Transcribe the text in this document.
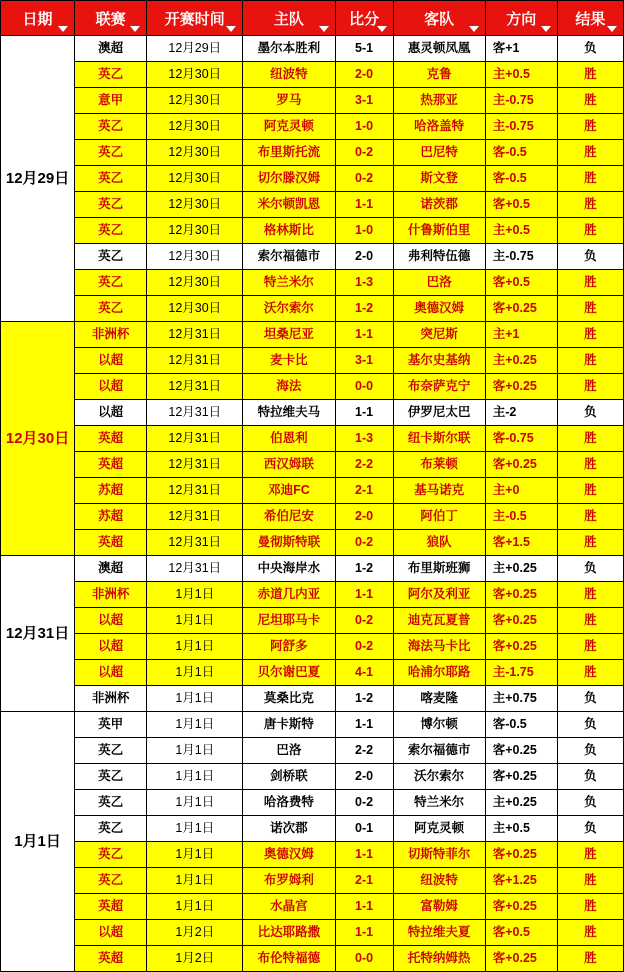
日期	联赛	开赛时间	主队	比分	客队	方向	结果

12月29日	澳超	12月29日	墨尔本胜利	5-1	惠灵顿凤凰	客+1	负
	英乙	12月30日	纽波特	2-0	克鲁	主+0.5	胜
	意甲	12月30日	罗马	3-1	热那亚	主-0.75	胜
	英乙	12月30日	阿克灵顿	1-0	哈洛盖特	主-0.75	胜
	英乙	12月30日	布里斯托流	0-2	巴尼特	客-0.5	胜
	英乙	12月30日	切尔滕汉姆	0-2	斯文登	客-0.5	胜
	英乙	12月30日	米尔顿凯恩	1-1	诺茨郡	客+0.5	胜
	英乙	12月30日	格林斯比	1-0	什鲁斯伯里	主+0.5	胜
	英乙	12月30日	索尔福德市	2-0	弗利特伍德	主-0.75	负
	英乙	12月30日	特兰米尔	1-3	巴洛	客+0.5	胜
	英乙	12月30日	沃尔索尔	1-2	奥德汉姆	客+0.25	胜
12月30日	非洲杯	12月31日	坦桑尼亚	1-1	突尼斯	主+1	胜
	以超	12月31日	麦卡比	3-1	基尔史基纳	主+0.25	胜
	以超	12月31日	海法	0-0	布奈萨克宁	客+0.25	胜
	以超	12月31日	特拉维夫马	1-1	伊罗尼太巴	主-2	负
	英超	12月31日	伯恩利	1-3	纽卡斯尔联	客-0.75	胜
	英超	12月31日	西汉姆联	2-2	布莱顿	客+0.25	胜
	苏超	12月31日	邓迪FC	2-1	基马诺克	主+0	胜
	苏超	12月31日	希伯尼安	2-0	阿伯丁	主-0.5	胜
	英超	12月31日	曼彻斯特联	0-2	狼队	客+1.5	胜
12月31日	澳超	12月31日	中央海岸水	1-2	布里斯班狮	主+0.25	负
	非洲杯	1月1日	赤道几内亚	1-1	阿尔及利亚	客+0.25	胜
	以超	1月1日	尼坦耶马卡	0-2	迪克瓦夏普	客+0.25	胜
	以超	1月1日	阿舒多	0-2	海法马卡比	客+0.25	胜
	以超	1月1日	贝尔谢巴夏	4-1	哈浦尔耶路	主-1.75	胜
	非洲杯	1月1日	莫桑比克	1-2	喀麦隆	主+0.75	负
1月1日	英甲	1月1日	唐卡斯特	1-1	博尔顿	客-0.5	负
	英乙	1月1日	巴洛	2-2	索尔福德市	客+0.25	负
	英乙	1月1日	剑桥联	2-0	沃尔索尔	客+0.25	负
	英乙	1月1日	哈洛费特	0-2	特兰米尔	主+0.25	负
	英乙	1月1日	诺次郡	0-1	阿克灵顿	主+0.5	负
	英乙	1月1日	奥德汉姆	1-1	切斯特菲尔	客+0.25	胜
	英乙	1月1日	布罗姆利	2-1	纽波特	客+1.25	胜
	英超	1月1日	水晶宫	1-1	富勒姆	客+0.25	胜
	以超	1月2日	比达耶路撒	1-1	特拉维夫夏	客+0.5	胜
	英超	1月2日	布伦特福德	0-0	托特纳姆热	客+0.25	胜
